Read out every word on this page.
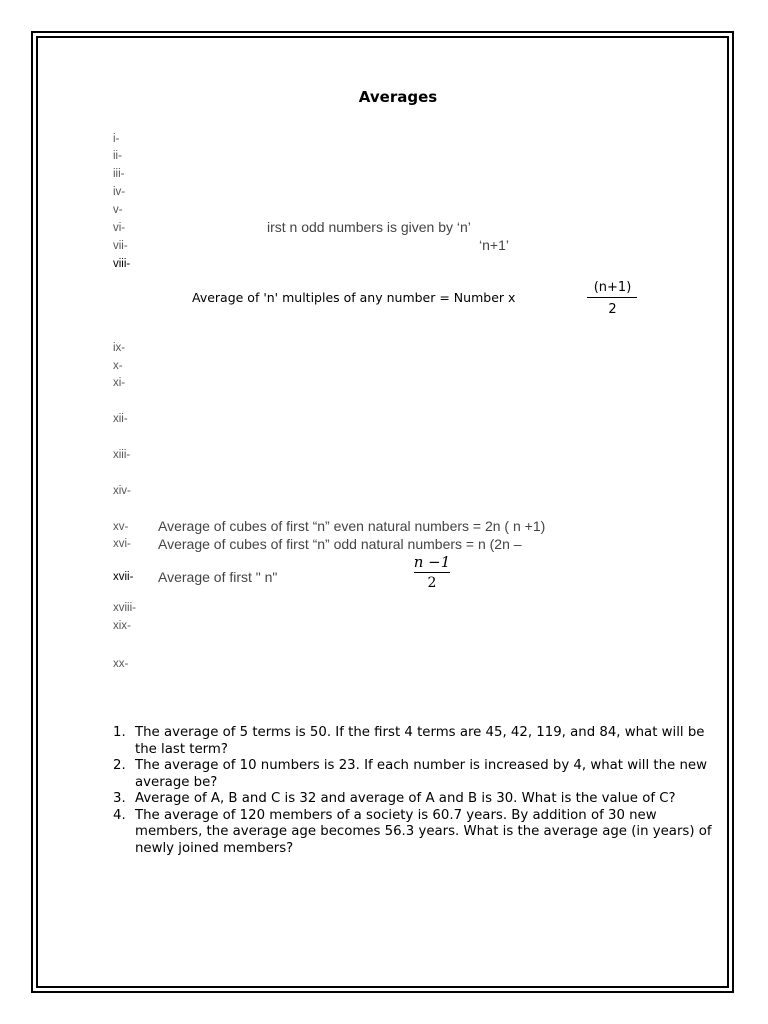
Averages
i-
ii-
iii-
iv-
v-
vi-
vii-
viii-
ix-
x-
xi-
xii-
xiii-
xiv-
xv-
xvi-
xvii-
xviii-
xix-
xx-
irst n odd numbers is given by ‘n’
‘n+1’
Average of 'n' multiples of any number = Number x
(n+1)
2
Average of cubes of first “n” even natural numbers = 2n ( n +1)
Average of cubes of first “n” odd natural numbers = n (2n –
Average of first " n"
n −1
2
1. The average of 5 terms is 50. If the first 4 terms are 45, 42, 119, and 84, what will be the last term?
2. The average of 10 numbers is 23. If each number is increased by 4, what will the new average be?
3. Average of A, B and C is 32 and average of A and B is 30. What is the value of C?
4. The average of 120 members of a society is 60.7 years. By addition of 30 new members, the average age becomes 56.3 years. What is the average age (in years) of newly joined members?
